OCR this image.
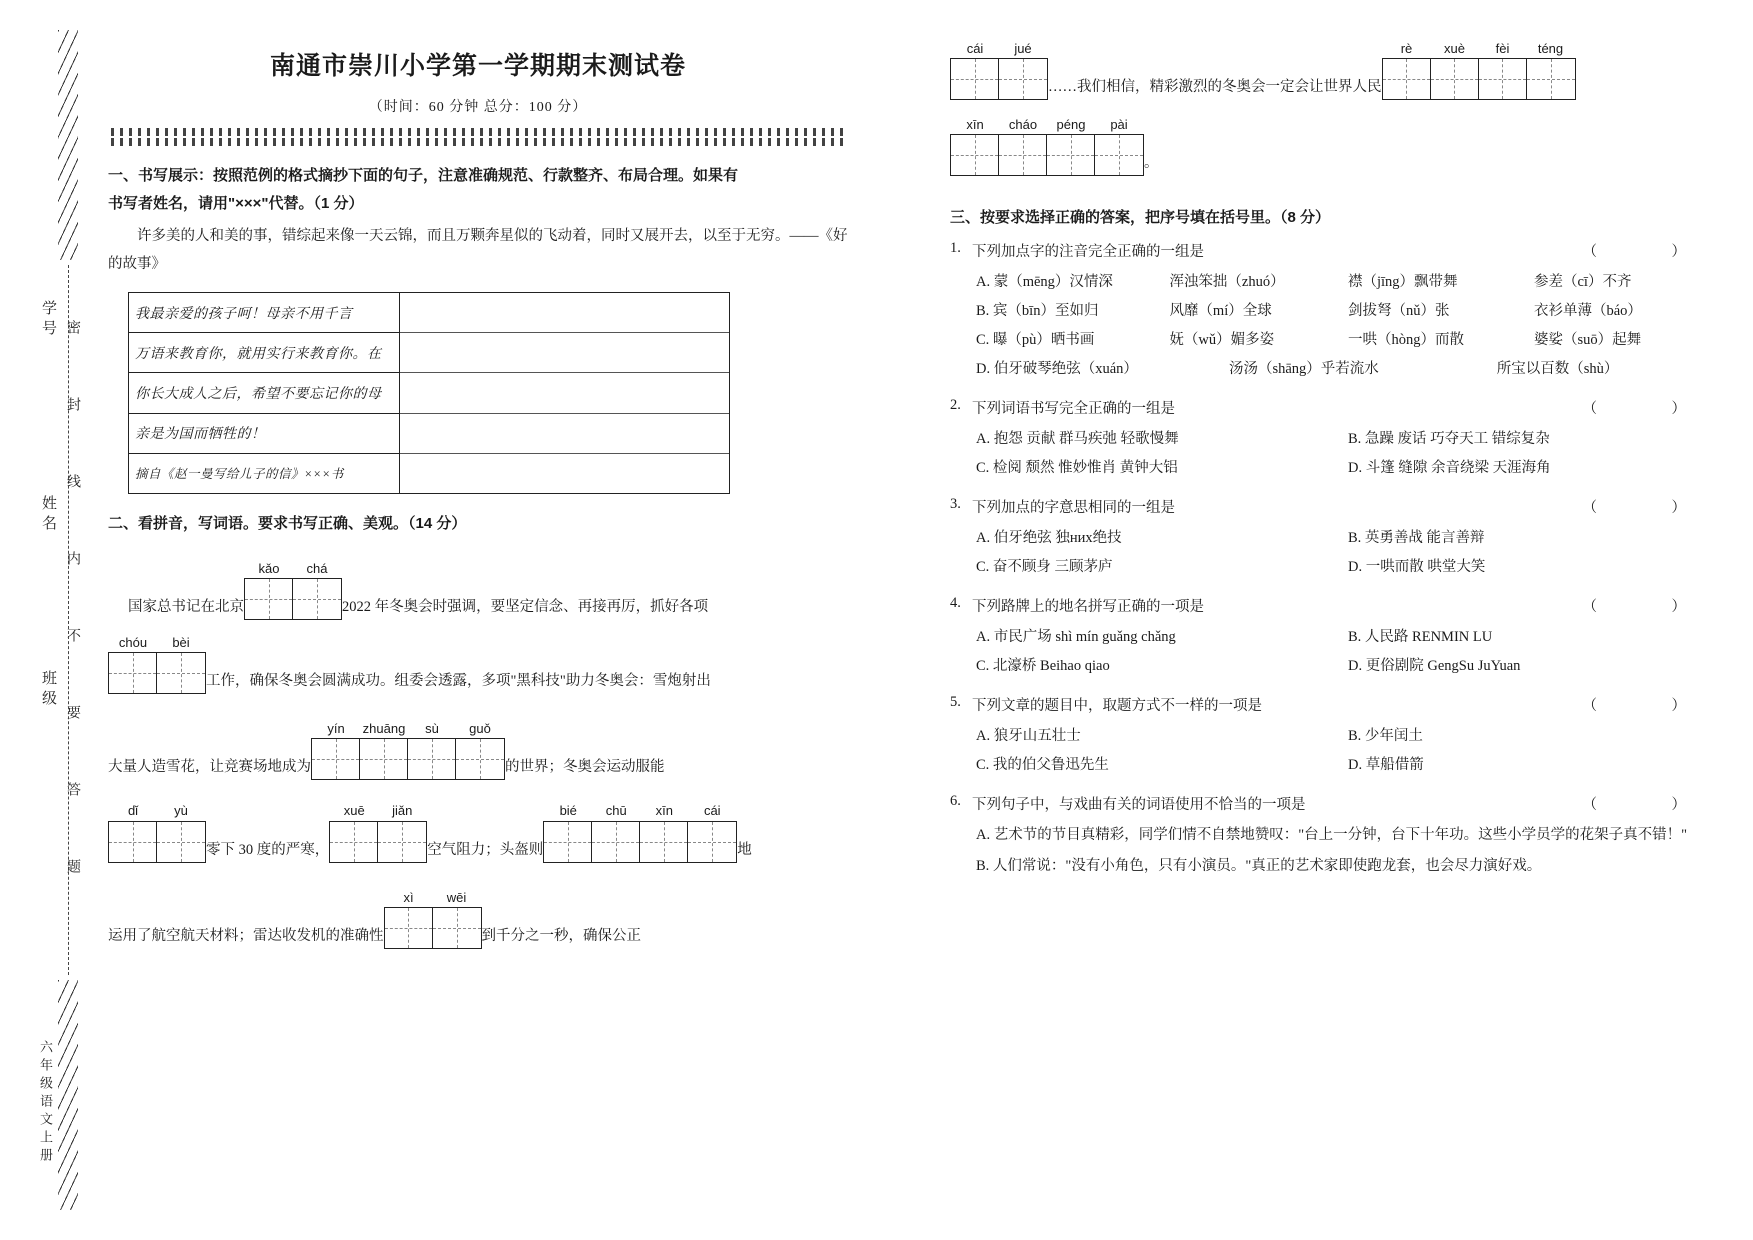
学号
姓名
班级
六年级语文上册
密 封 线 内 不 要 答 题
南通市崇川小学第一学期期末测试卷
（时间：60 分钟 总分：100 分）
一、书写展示：按照范例的格式摘抄下面的句子，注意准确规范、行款整齐、布局合理。如果有
书写者姓名，请用"×××"代替。（1 分）
许多美的人和美的事，错综起来像一天云锦，而且万颗奔星似的飞动着，同时又展开去，以至于无穷。——《好的故事》
我最亲爱的孩子呵！母亲不用千言
万语来教育你，就用实行来教育你。在
你长大成人之后，希望不要忘记你的母
亲是为国而牺牲的！
摘自《赵一曼写给儿子的信》×××书
二、看拼音，写词语。要求书写正确、美观。（14 分）
国家总书记在北京
kǎo	chá
2022 年冬奥会时强调，要坚定信念、再接再厉，抓好各项
chóu	bèi
工作，确保冬奥会圆满成功。组委会透露，多项"黑科技"助力冬奥会：雪炮射出
大量人造雪花，让竞赛场地成为
yín	zhuāng	sù	guǒ
的世界；冬奥会运动服能
dǐ	yù
零下 30 度的严寒，
xuē	jiǎn
空气阻力；头盔则
bié	chū	xīn	cái
地
运用了航空航天材料；雷达收发机的准确性
xì	wēi
到千分之一秒，确保公正
cái	jué
……我们相信，精彩激烈的冬奥会一定会让世界人民
rè	xuè	fèi	téng
xīn	cháo	péng	pài
。
三、按要求选择正确的答案，把序号填在括号里。（8 分）
1. 下列加点字的注音完全正确的一组是	（　）
A. 蒙（mēng）汉情深	浑浊笨拙（zhuó）	襟（jīng）飘带舞	参差（cī）不齐
B. 宾（bīn）至如归	风靡（mí）全球	剑拔弩（nǔ）张	衣衫单薄（báo）
C. 曝（pù）晒书画	妩（wǔ）媚多姿	一哄（hòng）而散	婆娑（suō）起舞
D. 伯牙破琴绝弦（xuán）	汤汤（shāng）乎若流水	所宝以百数（shù）
2. 下列词语书写完全正确的一组是	（　）
A. 抱怨 贡献 群马疾弛 轻歌慢舞	B. 急躁 废话 巧夺天工 错综复杂
C. 检阅 颓然 惟妙惟肖 黄钟大铝	D. 斗篷 缝隙 余音绕梁 天涯海角
3. 下列加点的字意思相同的一组是	（　）
A. 伯牙绝弦 独них绝技	B. 英勇善战 能言善辩
C. 奋不顾身 三顾茅庐	D. 一哄而散 哄堂大笑
4. 下列路牌上的地名拼写正确的一项是	（　）
A. 市民广场 shì mín guǎng chǎng	B. 人民路 RENMIN LU
C. 北濠桥 Beihao qiao	D. 更俗剧院 GengSu JuYuan
5. 下列文章的题目中，取题方式不一样的一项是	（　）
A. 狼牙山五壮士	B. 少年闰土
C. 我的伯父鲁迅先生	D. 草船借箭
6. 下列句子中，与戏曲有关的词语使用不恰当的一项是	（　）
A. 艺术节的节目真精彩，同学们情不自禁地赞叹："台上一分钟，台下十年功。这些小学员学的花架子真不错！"
B. 人们常说："没有小角色，只有小演员。"真正的艺术家即使跑龙套，也会尽力演好戏。
